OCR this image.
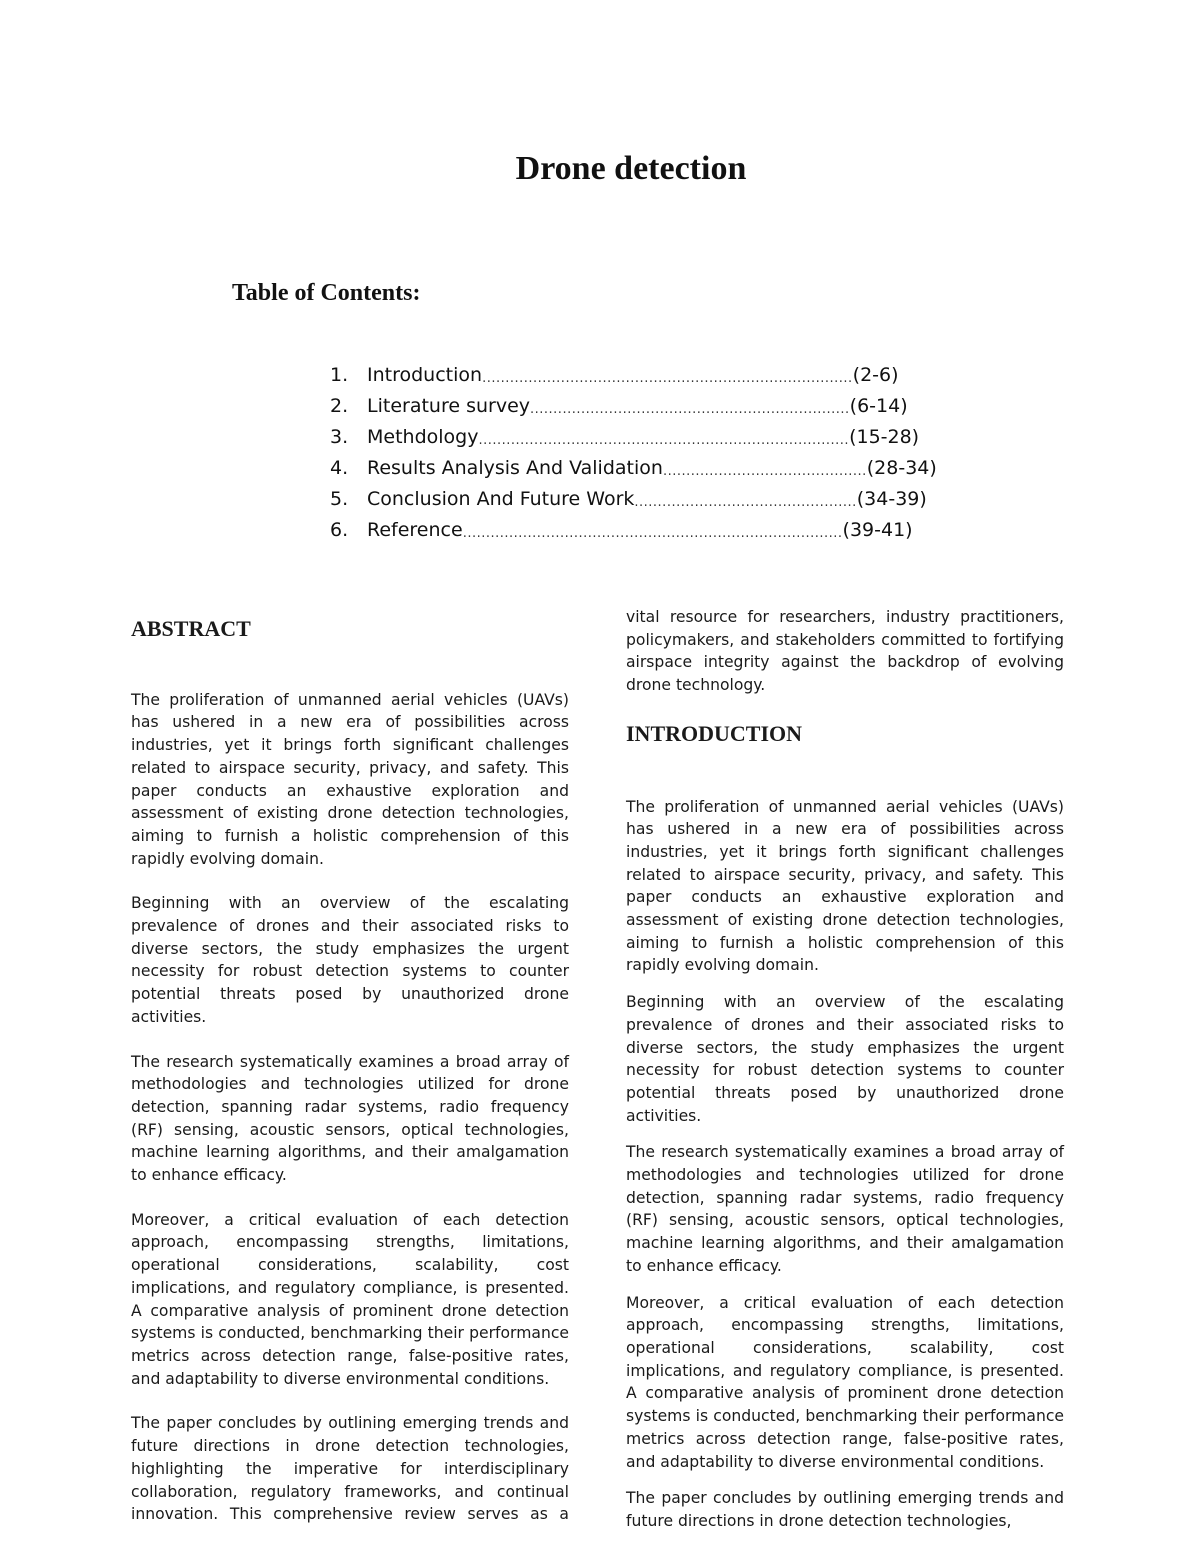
Drone detection
Table of Contents:
1. Introduction ................................................................................ (2-6)
2. Literature survey ..................................................................... (6-14)
3. Methdology ................................................................................ (15-28)
4. Results Analysis And Validation ............................................ (28-34)
5. Conclusion And Future Work ................................................ (34-39)
6. Reference .................................................................................. (39-41)
ABSTRACT

The proliferation of unmanned aerial vehicles (UAVs) has ushered in a new era of possibilities across industries, yet it brings forth significant challenges related to airspace security, privacy, and safety. This paper conducts an exhaustive exploration and assessment of existing drone detection technologies, aiming to furnish a holistic comprehension of this rapidly evolving domain.

Beginning with an overview of the escalating prevalence of drones and their associated risks to diverse sectors, the study emphasizes the urgent necessity for robust detection systems to counter potential threats posed by unauthorized drone activities.

The research systematically examines a broad array of methodologies and technologies utilized for drone detection, spanning radar systems, radio frequency (RF) sensing, acoustic sensors, optical technologies, machine learning algorithms, and their amalgamation to enhance efficacy.

Moreover, a critical evaluation of each detection approach, encompassing strengths, limitations, operational considerations, scalability, cost implications, and regulatory compliance, is presented. A comparative analysis of prominent drone detection systems is conducted, benchmarking their performance metrics across detection range, false-positive rates, and adaptability to diverse environmental conditions.

The paper concludes by outlining emerging trends and future directions in drone detection technologies, highlighting the imperative for interdisciplinary collaboration, regulatory frameworks, and continual innovation. This comprehensive review serves as a

vital resource for researchers, industry practitioners, policymakers, and stakeholders committed to fortifying airspace integrity against the backdrop of evolving drone technology.

INTRODUCTION

The proliferation of unmanned aerial vehicles (UAVs) has ushered in a new era of possibilities across industries, yet it brings forth significant challenges related to airspace security, privacy, and safety. This paper conducts an exhaustive exploration and assessment of existing drone detection technologies, aiming to furnish a holistic comprehension of this rapidly evolving domain.

Beginning with an overview of the escalating prevalence of drones and their associated risks to diverse sectors, the study emphasizes the urgent necessity for robust detection systems to counter potential threats posed by unauthorized drone activities.

The research systematically examines a broad array of methodologies and technologies utilized for drone detection, spanning radar systems, radio frequency (RF) sensing, acoustic sensors, optical technologies, machine learning algorithms, and their amalgamation to enhance efficacy.

Moreover, a critical evaluation of each detection approach, encompassing strengths, limitations, operational considerations, scalability, cost implications, and regulatory compliance, is presented. A comparative analysis of prominent drone detection systems is conducted, benchmarking their performance metrics across detection range, false-positive rates, and adaptability to diverse environmental conditions.

The paper concludes by outlining emerging trends and future directions in drone detection technologies,
